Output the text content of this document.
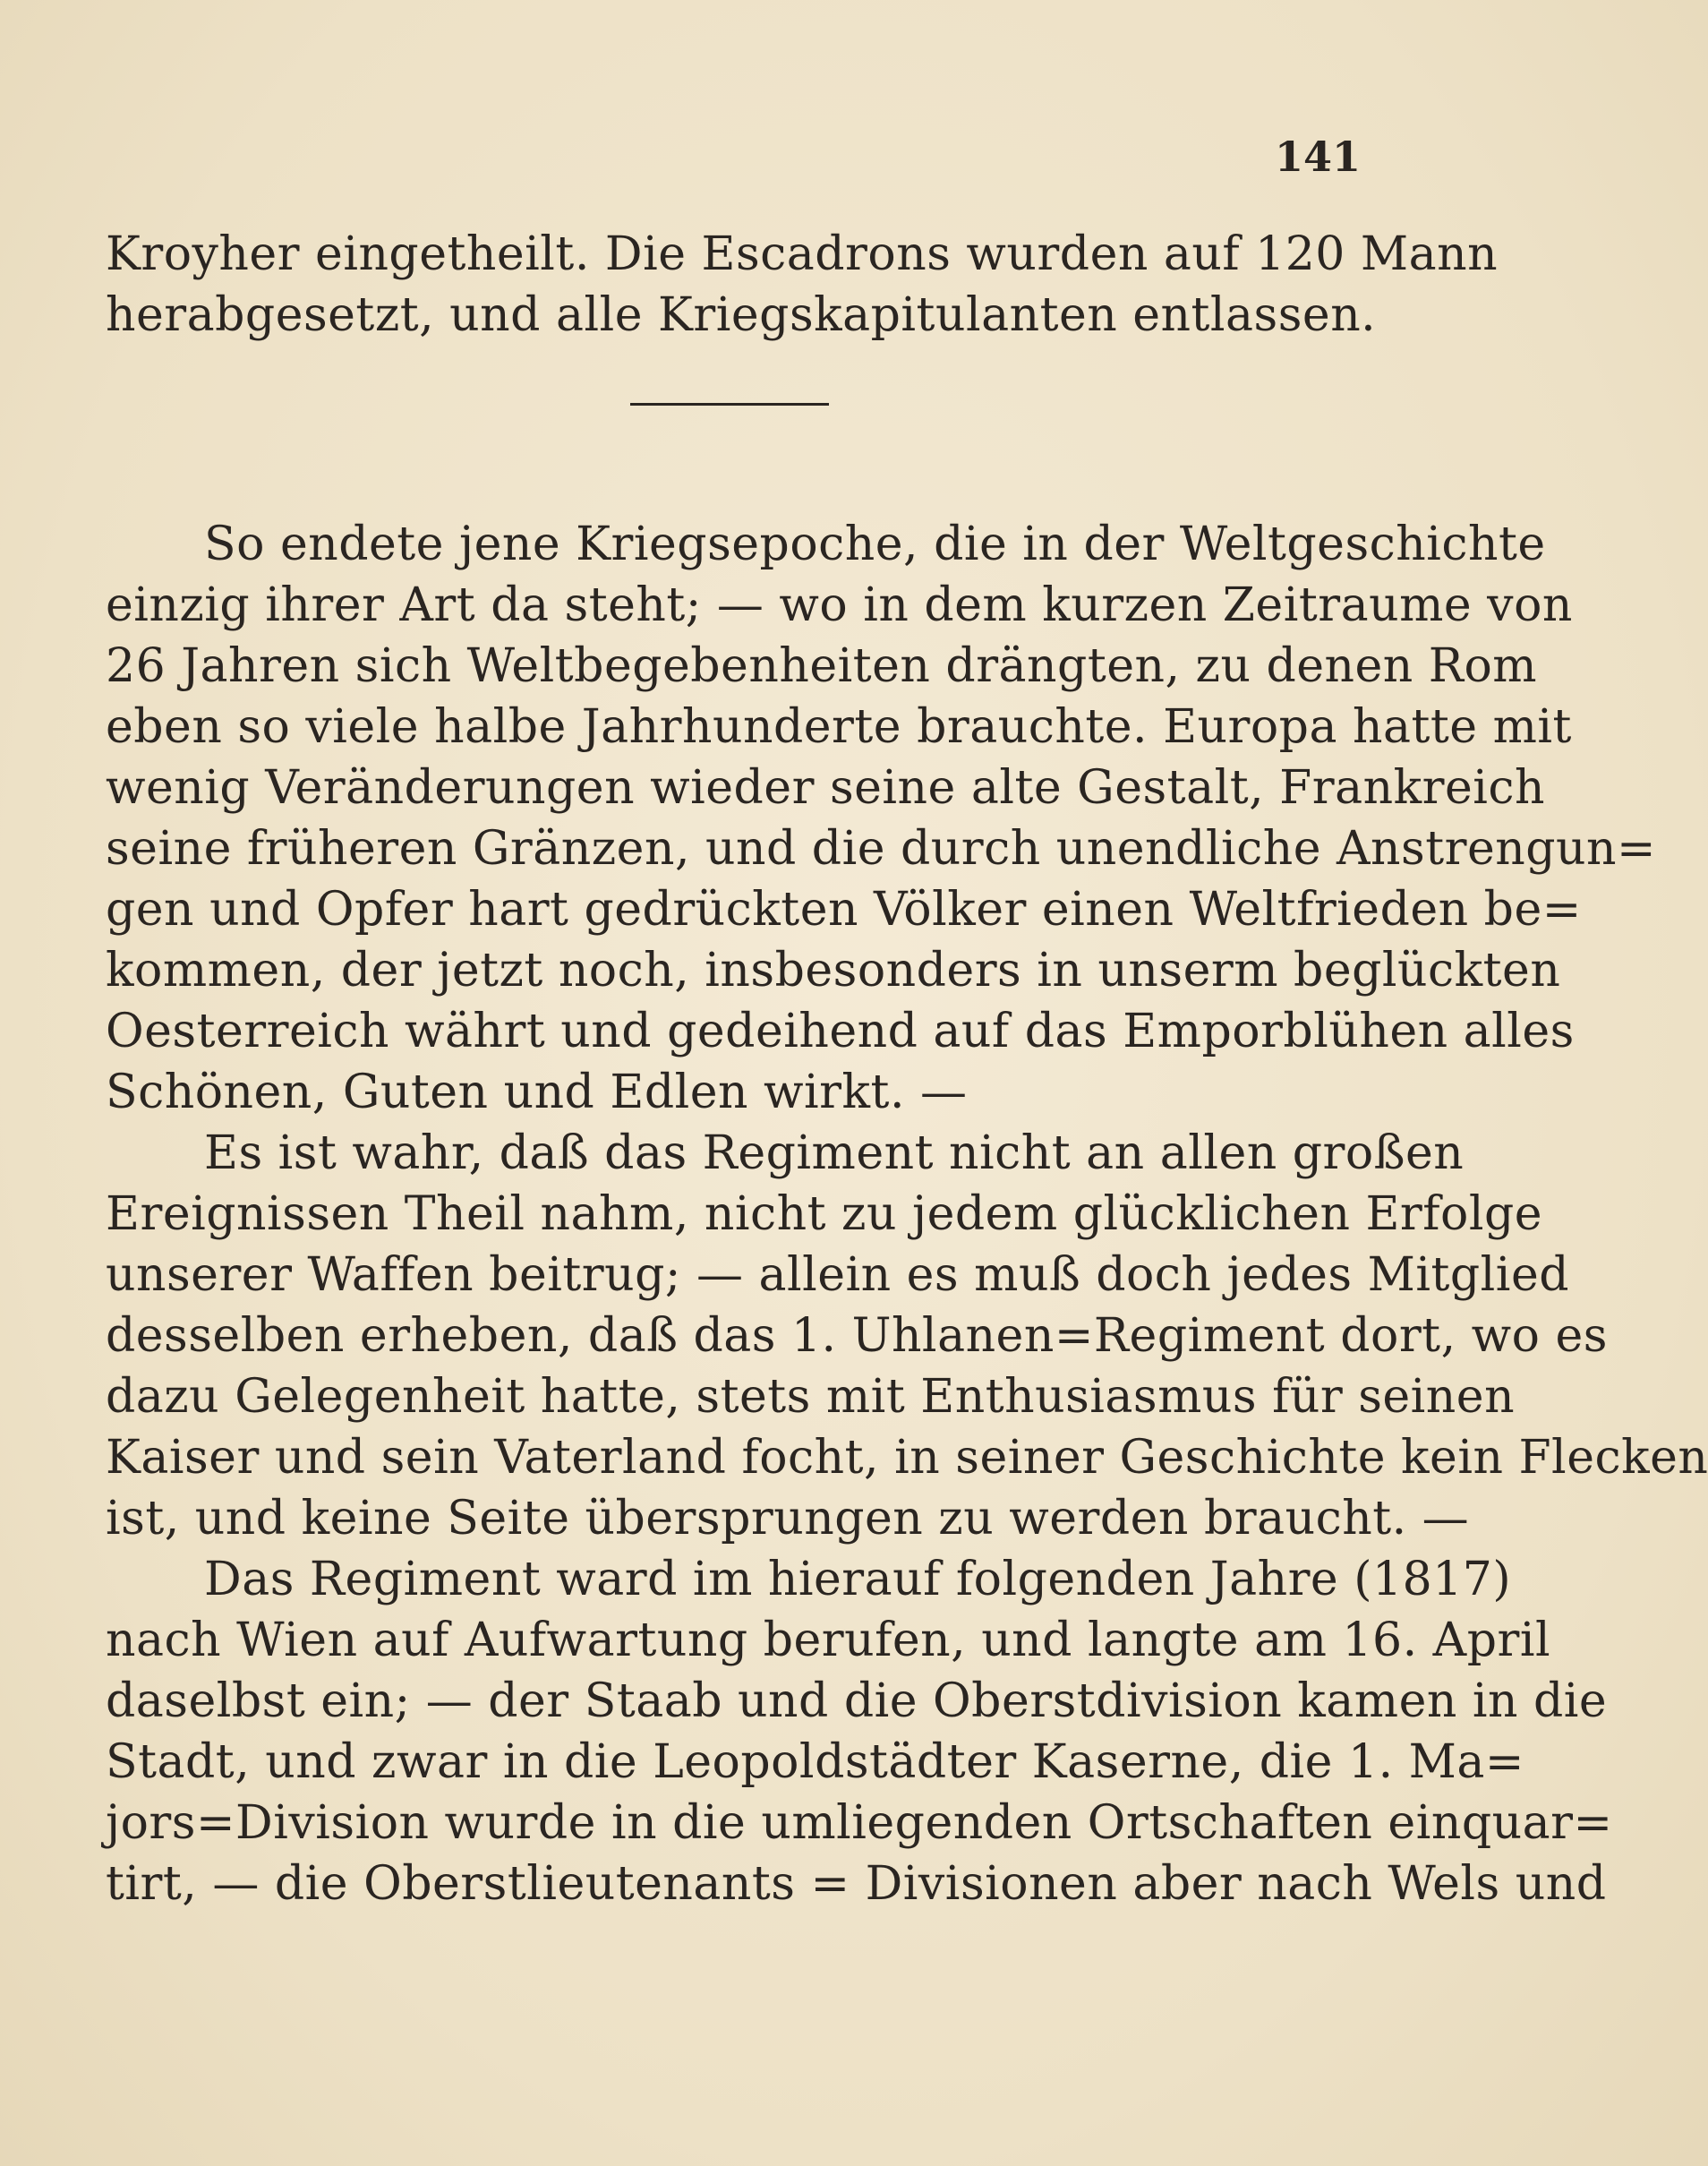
141
Kroyher eingetheilt. Die Escadrons wurden auf 120 Mann
herabgesetzt, und alle Kriegskapitulanten entlassen.
So endete jene Kriegsepoche, die in der Weltgeschichte
einzig ihrer Art da steht; — wo in dem kurzen Zeitraume von
26 Jahren sich Weltbegebenheiten drängten, zu denen Rom
eben so viele halbe Jahrhunderte brauchte. Europa hatte mit
wenig Veränderungen wieder seine alte Gestalt, Frankreich
seine früheren Gränzen, und die durch unendliche Anstrengun=
gen und Opfer hart gedrückten Völker einen Weltfrieden be=
kommen, der jetzt noch, insbesonders in unserm beglückten
Oesterreich währt und gedeihend auf das Emporblühen alles
Schönen, Guten und Edlen wirkt. —
Es ist wahr, daß das Regiment nicht an allen großen
Ereignissen Theil nahm, nicht zu jedem glücklichen Erfolge
unserer Waffen beitrug; — allein es muß doch jedes Mitglied
desselben erheben, daß das 1. Uhlanen=Regiment dort, wo es
dazu Gelegenheit hatte, stets mit Enthusiasmus für seinen
Kaiser und sein Vaterland focht, in seiner Geschichte kein Flecken
ist, und keine Seite übersprungen zu werden braucht. —
Das Regiment ward im hierauf folgenden Jahre (1817)
nach Wien auf Aufwartung berufen, und langte am 16. April
daselbst ein; — der Staab und die Oberstdivision kamen in die
Stadt, und zwar in die Leopoldstädter Kaserne, die 1. Ma=
jors=Division wurde in die umliegenden Ortschaften einquar=
tirt, — die Oberstlieutenants = Divisionen aber nach Wels und
